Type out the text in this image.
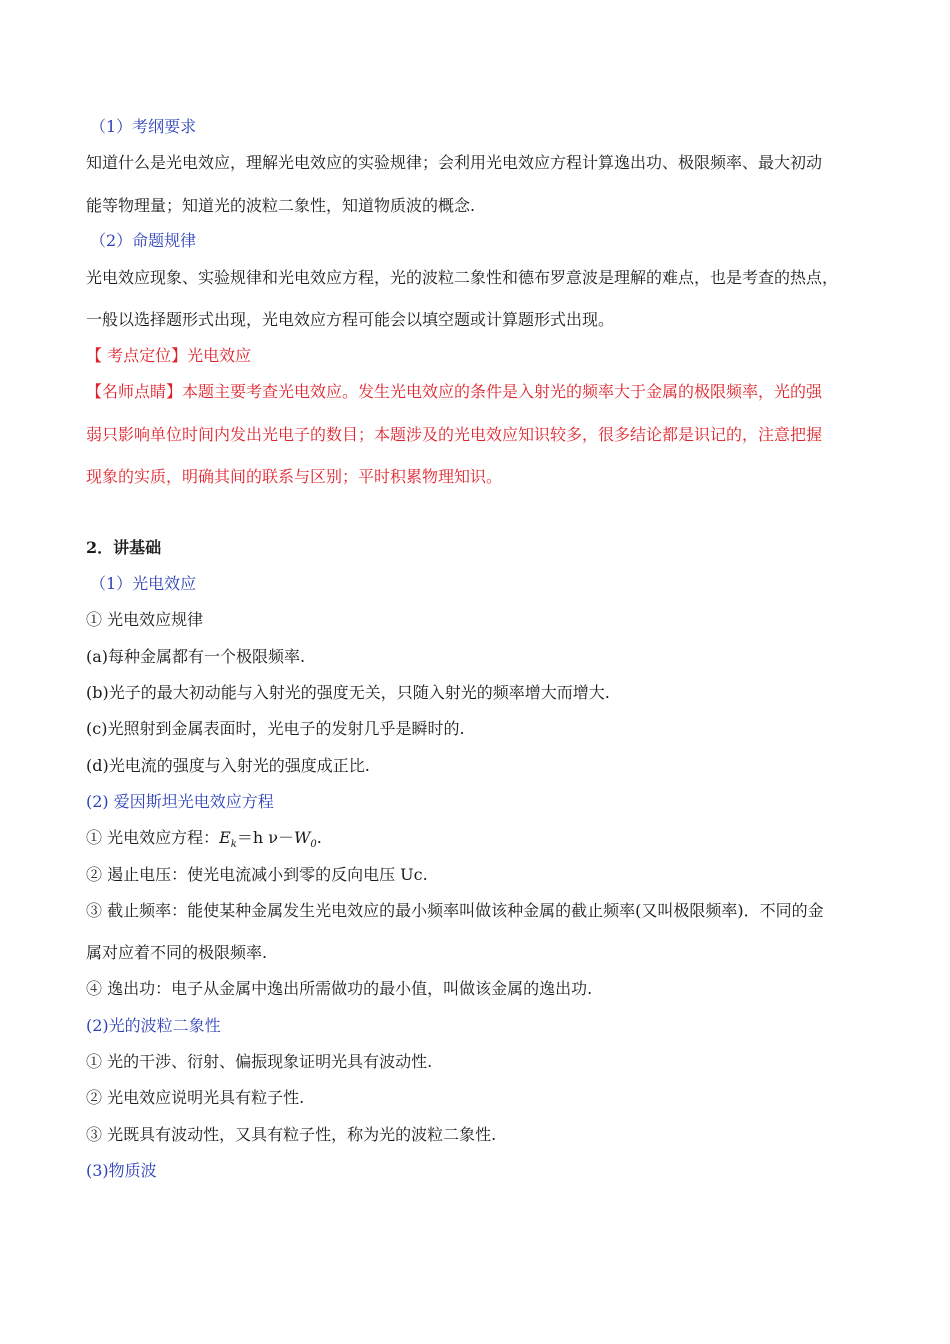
（1）考纲要求
知道什么是光电效应，理解光电效应的实验规律；会利用光电效应方程计算逸出功、极限频率、最大初动
能等物理量；知道光的波粒二象性，知道物质波的概念.
（2）命题规律
光电效应现象、实验规律和光电效应方程，光的波粒二象性和德布罗意波是理解的难点，也是考查的热点，
一般以选择题形式出现，光电效应方程可能会以填空题或计算题形式出现。
【 考点定位】光电效应
【名师点睛】本题主要考查光电效应。发生光电效应的条件是入射光的频率大于金属的极限频率，光的强
弱只影响单位时间内发出光电子的数目；本题涉及的光电效应知识较多，很多结论都是识记的，注意把握
现象的实质，明确其间的联系与区别；平时积累物理知识。
2．讲基础
（1）光电效应
① 光电效应规律
(a)每种金属都有一个极限频率.
(b)光子的最大初动能与入射光的强度无关，只随入射光的频率增大而增大.
(c)光照射到金属表面时，光电子的发射几乎是瞬时的.
(d)光电流的强度与入射光的强度成正比.
(2) 爱因斯坦光电效应方程
① 光电效应方程：$E_k=h$ $\nu-W_0$.
② 遏止电压：使光电流减小到零的反向电压 Uc.
③ 截止频率：能使某种金属发生光电效应的最小频率叫做该种金属的截止频率(又叫极限频率)．不同的金
属对应着不同的极限频率.
④ 逸出功：电子从金属中逸出所需做功的最小值，叫做该金属的逸出功.
(2)光的波粒二象性
① 光的干涉、衍射、偏振现象证明光具有波动性.
② 光电效应说明光具有粒子性.
③ 光既具有波动性，又具有粒子性，称为光的波粒二象性.
(3)物质波
